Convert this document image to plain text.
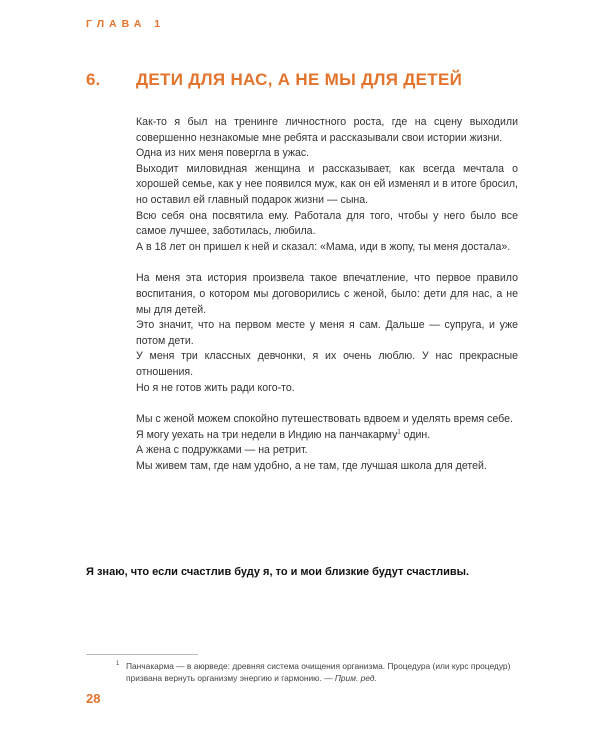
ГЛАВА 1
6. ДЕТИ ДЛЯ НАС, А НЕ МЫ ДЛЯ ДЕТЕЙ

Как-то я был на тренинге личностного роста, где на сцену выходили совершенно незнакомые мне ребята и рассказывали свои истории жизни.

Одна из них меня повергла в ужас.

Выходит миловидная женщина и рассказывает, как всегда мечтала о хорошей семье, как у нее появился муж, как он ей изменял и в итоге бросил, но оставил ей главный подарок жизни — сына.

Всю себя она посвятила ему. Работала для того, чтобы у него было все самое лучшее, заботилась, любила.

А в 18 лет он пришел к ней и сказал: «Мама, иди в жопу, ты меня достала».

На меня эта история произвела такое впечатление, что первое правило воспитания, о котором мы договорились с женой, было: дети для нас, а не мы для детей.

Это значит, что на первом месте у меня я сам. Дальше — супруга, и уже потом дети.

У меня три классных девчонки, я их очень люблю. У нас прекрасные отношения.

Но я не готов жить ради кого-то.

Мы с женой можем спокойно путешествовать вдвоем и уделять время себе.

Я могу уехать на три недели в Индию на панчакарму$^1$ один.

А жена с подружками — на ретрит.

Мы живем там, где нам удобно, а не там, где лучшая школа для детей.

Я знаю, что если счастлив буду я, то и мои близкие будут счастливы.
1 Панчакарма — в аюрведе: древняя система очищения организма. Процедура (или курс процедур) призвана вернуть организму энергию и гармонию. — Прим. ред.
28
